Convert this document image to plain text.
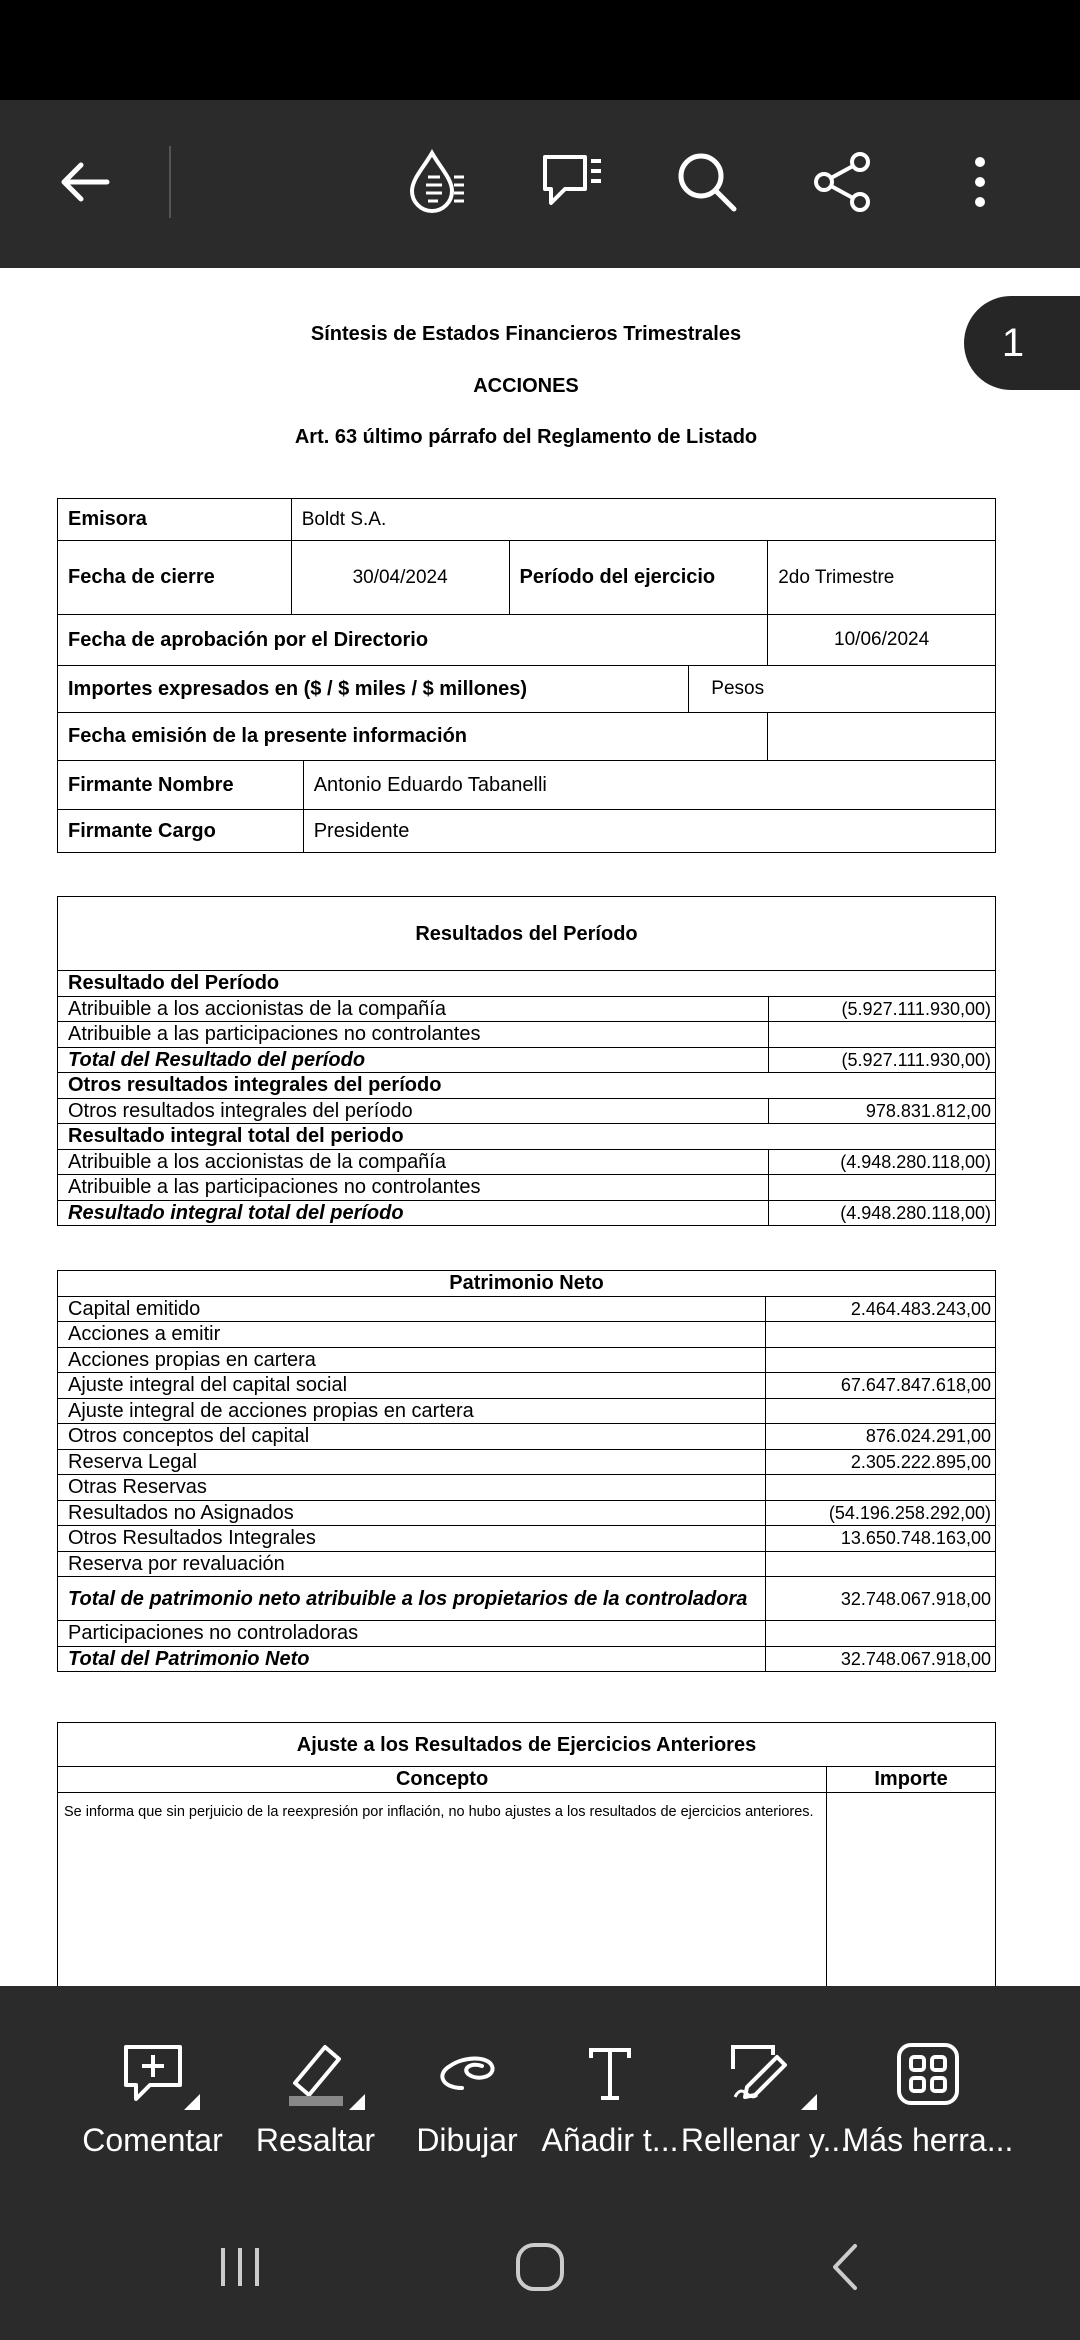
Síntesis de Estados Financieros Trimestrales
ACCIONES
Art. 63 último párrafo del Reglamento de Listado
Emisora	Boldt S.A.				
Fecha de cierre	30/04/2024		Período del ejercicio		2do Trimestre
Fecha de aprobación por el Directorio					10/06/2024
Importes expresados en ($ / $ miles / $ millones)				Pesos	
Fecha emisión de la presente información					
Firmante Nombre		Antonio Eduardo Tabanelli			
Firmante Cargo		Presidente			
Resultados del Período	
Resultado del Período	
Atribuible a los accionistas de la compañía	(5.927.111.930,00)
Atribuible a las participaciones no controlantes	
Total del Resultado del período	(5.927.111.930,00)
Otros resultados integrales del período	
Otros resultados integrales del período	978.831.812,00
Resultado integral total del periodo	
Atribuible a los accionistas de la compañía	(4.948.280.118,00)
Atribuible a las participaciones no controlantes	
Resultado integral total del período	(4.948.280.118,00)
Patrimonio Neto	
Capital emitido	2.464.483.243,00
Acciones a emitir	
Acciones propias en cartera	
Ajuste integral del capital social	67.647.847.618,00
Ajuste integral de acciones propias en cartera	
Otros conceptos del capital	876.024.291,00
Reserva Legal	2.305.222.895,00
Otras Reservas	
Resultados no Asignados	(54.196.258.292,00)
Otros Resultados Integrales	13.650.748.163,00
Reserva por revaluación	
Total de patrimonio neto atribuible a los propietarios de la controladora	32.748.067.918,00
Participaciones no controladoras	
Total del Patrimonio Neto	32.748.067.918,00
Ajuste a los Resultados de Ejercicios Anteriores	
Concepto	Importe
Se informa que sin perjuicio de la reexpresión por inflación, no hubo ajustes a los resultados de ejercicios anteriores.	
1
Comentar Resaltar Dibujar Añadir t... Rellenar y...
Más herra...
